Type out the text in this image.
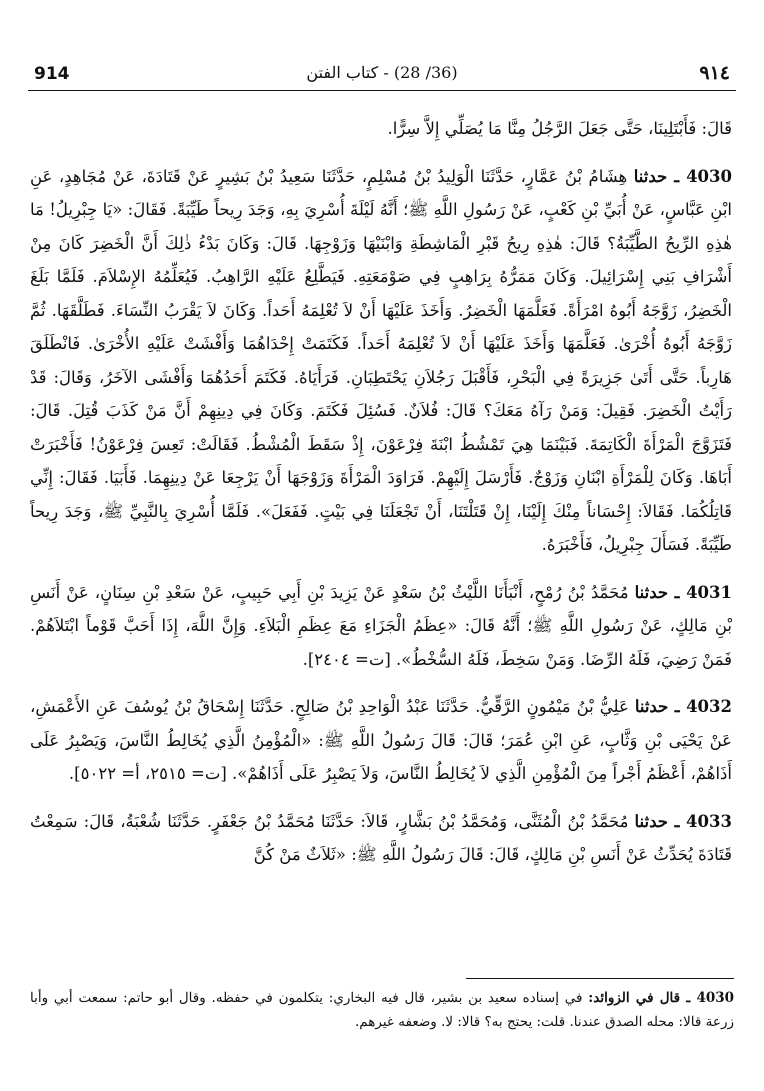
914	(36/ 28) - كتاب الفتن	٩١٤

قَالَ: فَأَبْتَلِينَا، حَتَّى جَعَلَ الرَّجُلُ مِنَّا مَا يُصَلِّي إِلاَّ سِرًّا.

4030 ـ حدثنا هِشَامُ بْنُ عَمَّارٍ، حَدَّثَنَا الْوَلِيدُ بْنُ مُسْلِمٍ، حَدَّثَنَا سَعِيدُ بْنُ بَشِيرٍ عَنْ قَتَادَةَ، عَنْ مُجَاهِدٍ، عَنِ ابْنِ عَبَّاسٍ، عَنْ أُبَيِّ بْنِ كَعْبٍ، عَنْ رَسُولِ اللَّهِ ﷺ؛ أَنَّهُ لَيْلَةَ أُسْرِيَ بِهِ، وَجَدَ رِيحاً طَيِّبَةً. فَقَالَ: «يَا جِبْرِيلُ! مَا هٰذِهِ الرِّيحُ الطَّيِّبَةُ؟ قَالَ: هٰذِهِ رِيحُ قَبْرِ الْمَاشِطَةِ وَابْنَيْهَا وَزَوْجِهَا. قَالَ: وَكَانَ بَدْءُ ذٰلِكَ أَنَّ الْخَضِرَ كَانَ مِنْ أَشْرَافِ بَنِي إِسْرَائِيلَ. وَكَانَ مَمَرُّهُ بِرَاهِبٍ فِي صَوْمَعَتِهِ. فَيَطَّلِعُ عَلَيْهِ الرَّاهِبُ. فَيُعَلِّمُهُ الإِسْلاَمَ. فَلَمَّا بَلَغَ الْخَضِرُ، زَوَّجَهُ أَبُوهُ امْرَأَةً. فَعَلَّمَهَا الْخَضِرُ. وَأَخَذَ عَلَيْهَا أَنْ لاَ تُعْلِمَهُ أَحَداً. وَكَانَ لاَ يَقْرَبُ النِّسَاءَ. فَطَلَّقَهَا. ثُمَّ زَوَّجَهُ أَبُوهُ أُخْرَىٰ. فَعَلَّمَهَا وَأَخَذَ عَلَيْهَا أَنْ لاَ تُعْلِمَهُ أَحَداً. فَكَتَمَتْ إِحْدَاهُمَا وَأَفْشَتْ عَلَيْهِ الأُخْرَىٰ. فَانْطَلَقَ هَارِباً. حَتَّى أَتَىٰ جَزِيرَةً فِي الْبَحْرِ، فَأَقْبَلَ رَجُلاَنِ يَحْتَطِبَانِ. فَرَأَيَاهُ. فَكَتَمَ أَحَدُهُمَا وَأَفْشَى الآخَرُ، وَقَالَ: قَدْ رَأَيْتُ الْخَضِرَ. فَقِيلَ: وَمَنْ رَآهُ مَعَكَ؟ قَالَ: فُلاَنٌ. فَسُئِلَ فَكَتَمَ. وَكَانَ فِي دِينِهِمْ أَنَّ مَنْ كَذَبَ قُتِلَ. قَالَ: فَتَزَوَّجَ الْمَرْأَةَ الْكَاتِمَةَ. فَبَيْنَمَا هِيَ تَمْشُطُ ابْنَةَ فِرْعَوْنَ، إِذْ سَقَطَ الْمُشْطُ. فَقَالَتْ: تَعِسَ فِرْعَوْنُ! فَأَخْبَرَتْ أَبَاهَا. وَكَانَ لِلْمَرْأَةِ ابْنَانِ وَزَوْجٌ. فَأَرْسَلَ إِلَيْهِمْ. فَرَاوَدَ الْمَرْأَةَ وَزَوْجَهَا أَنْ يَرْجِعَا عَنْ دِينِهِمَا. فَأَبَيَا. فَقَالَ: إِنِّي قَاتِلُكُمَا. فَقَالاَ: إِحْسَاناً مِنْكَ إِلَيْنَا، إِنْ قَتَلْتَنَا، أَنْ تَجْعَلَنَا فِي بَيْتٍ. فَفَعَلَ». فَلَمَّا أُسْرِيَ بِالنَّبِيِّ ﷺ، وَجَدَ رِيحاً طَيِّبَةً. فَسَأَلَ جِبْرِيلُ، فَأَخْبَرَهُ.

4031 ـ حدثنا مُحَمَّدُ بْنُ رُمْحٍ، أَنْبَأَنَا اللَّيْثُ بْنُ سَعْدٍ عَنْ يَزِيدَ بْنِ أَبِي حَبِيبٍ، عَنْ سَعْدِ بْنِ سِنَانٍ، عَنْ أَنَسِ بْنِ مَالِكٍ، عَنْ رَسُولِ اللَّهِ ﷺ؛ أَنَّهُ قَالَ: «عِظَمُ الْجَزَاءِ مَعَ عِظَمِ الْبَلاَءِ. وَإِنَّ اللَّهَ، إِذَا أَحَبَّ قَوْماً ابْتَلاَهُمْ. فَمَنْ رَضِيَ، فَلَهُ الرِّضَا. وَمَنْ سَخِطَ، فَلَهُ السُّخْطُ». [ت= ٢٤٠٤].

4032 ـ حدثنا عَلِيُّ بْنُ مَيْمُونٍ الرَّقِّيُّ. حَدَّثَنَا عَبْدُ الْوَاحِدِ بْنُ صَالِحٍ. حَدَّثَنَا إِسْحَاقُ بْنُ يُوسُفَ عَنِ الأَعْمَشِ، عَنْ يَحْيَى بْنِ وَثَّابٍ، عَنِ ابْنِ عُمَرَ؛ قَالَ: قَالَ رَسُولُ اللَّهِ ﷺ: «الْمُؤْمِنُ الَّذِي يُخَالِطُ النَّاسَ، وَيَصْبِرُ عَلَى أَذَاهُمْ، أَعْظَمُ أَجْراً مِنَ الْمُؤْمِنِ الَّذِي لاَ يُخَالِطُ النَّاسَ، وَلاَ يَصْبِرُ عَلَى أَذَاهُمْ». [ت= ٢٥١٥، أ= ٥٠٢٢].

4033 ـ حدثنا مُحَمَّدُ بْنُ الْمُثَنَّى، وَمُحَمَّدُ بْنُ بَشَّارٍ، قَالاَ: حَدَّثَنَا مُحَمَّدُ بْنُ جَعْفَرٍ. حَدَّثَنَا شُعْبَةُ، قَالَ: سَمِعْتُ قَتَادَةَ يُحَدِّثُ عَنْ أَنَسِ بْنِ مَالِكٍ، قَالَ: قَالَ رَسُولُ اللَّهِ ﷺ: «ثَلاَثٌ مَنْ كُنَّ

4030 ـ قال في الزوائد: في إسناده سعيد بن بشير، قال فيه البخاري: يتكلمون في حفظه. وقال أبو حاتم: سمعت أبي وأبا زرعة قالا: محله الصدق عندنا. قلت: يحتج به؟ قالا: لا. وضعفه غيرهم.
